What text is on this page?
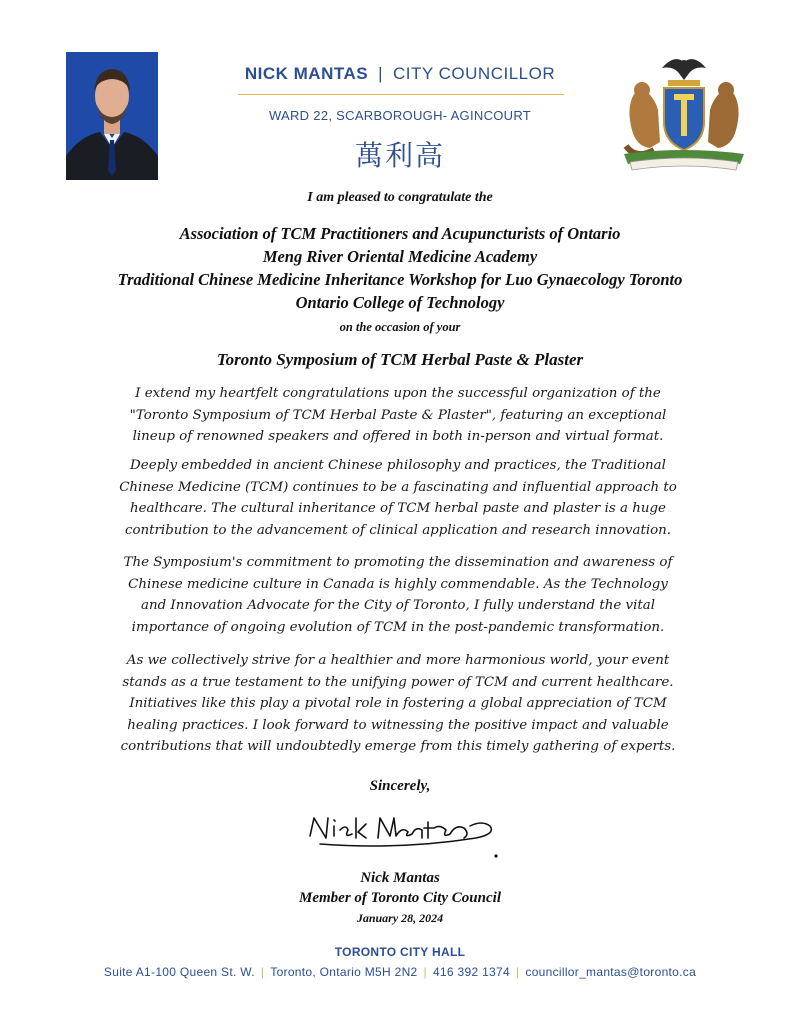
NICK MANTAS | CITY COUNCILLOR
WARD 22, SCARBOROUGH- AGINCOURT
萬利高
I am pleased to congratulate the
Association of TCM Practitioners and Acupuncturists of Ontario
Meng River Oriental Medicine Academy
Traditional Chinese Medicine Inheritance Workshop for Luo Gynaecology Toronto
Ontario College of Technology
on the occasion of your
Toronto Symposium of TCM Herbal Paste & Plaster
I extend my heartfelt congratulations upon the successful organization of the "Toronto Symposium of TCM Herbal Paste & Plaster", featuring an exceptional lineup of renowned speakers and offered in both in-person and virtual format.
Deeply embedded in ancient Chinese philosophy and practices, the Traditional Chinese Medicine (TCM) continues to be a fascinating and influential approach to healthcare. The cultural inheritance of TCM herbal paste and plaster is a huge contribution to the advancement of clinical application and research innovation.
The Symposium's commitment to promoting the dissemination and awareness of Chinese medicine culture in Canada is highly commendable. As the Technology and Innovation Advocate for the City of Toronto, I fully understand the vital importance of ongoing evolution of TCM in the post-pandemic transformation.
As we collectively strive for a healthier and more harmonious world, your event stands as a true testament to the unifying power of TCM and current healthcare. Initiatives like this play a pivotal role in fostering a global appreciation of TCM healing practices. I look forward to witnessing the positive impact and valuable contributions that will undoubtedly emerge from this timely gathering of experts.
Sincerely,
Nick Mantas
Member of Toronto City Council
January 28, 2024
TORONTO CITY HALL
Suite A1-100 Queen St. W. | Toronto, Ontario M5H 2N2 | 416 392 1374 | councillor_mantas@toronto.ca
